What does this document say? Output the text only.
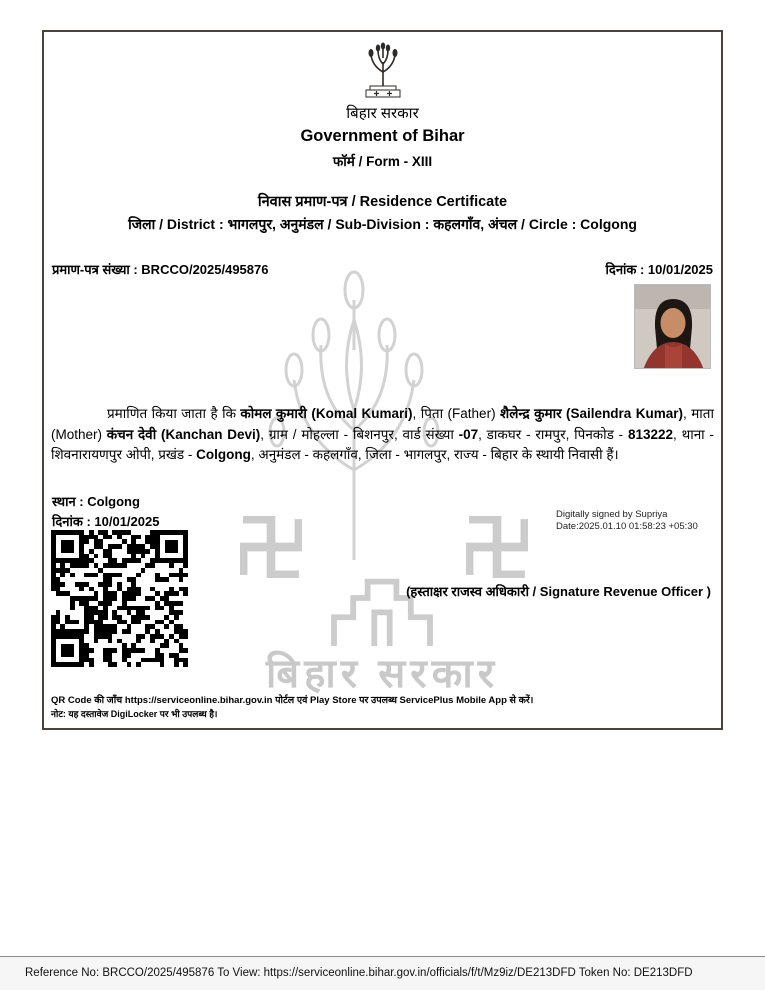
बिहार सरकार
बिहार सरकार
Government of Bihar
फॉर्म / Form - XIII
निवास प्रमाण-पत्र / Residence Certificate
जिला / District : भागलपुर, अनुमंडल / Sub-Division : कहलगाँव, अंचल / Circle : Colgong
प्रमाण-पत्र संख्या : BRCCO/2025/495876	दिनांक : 10/01/2025

प्रमाणित किया जाता है कि कोमल कुमारी (Komal Kumari), पिता (Father) शैलेन्द्र कुमार (Sailendra Kumar), माता (Mother) कंचन देवी (Kanchan Devi), ग्राम / मोहल्ला - बिशनपुर, वार्ड संख्या -07, डाकघर - रामपुर, पिनकोड - 813222, थाना - शिवनारायणपुर ओपी, प्रखंड - Colgong, अनुमंडल - कहलगाँव, जिला - भागलपुर, राज्य - बिहार के स्थायी निवासी हैं।

स्थान : Colgong
दिनांक : 10/01/2025	Digitally signed by Supriya
Date:2025.01.10 01:58:23 +05:30
(हस्ताक्षर राजस्व अधिकारी / Signature Revenue Officer )
QR Code की जाँच https://serviceonline.bihar.gov.in पोर्टल एवं Play Store पर उपलब्ध ServicePlus Mobile App से करें।
नोट: यह दस्तावेज DigiLocker पर भी उपलब्ध है।
Reference No: BRCCO/2025/495876 To View: https://serviceonline.bihar.gov.in/officials/f/t/Mz9iz/DE213DFD Token No: DE213DFD
